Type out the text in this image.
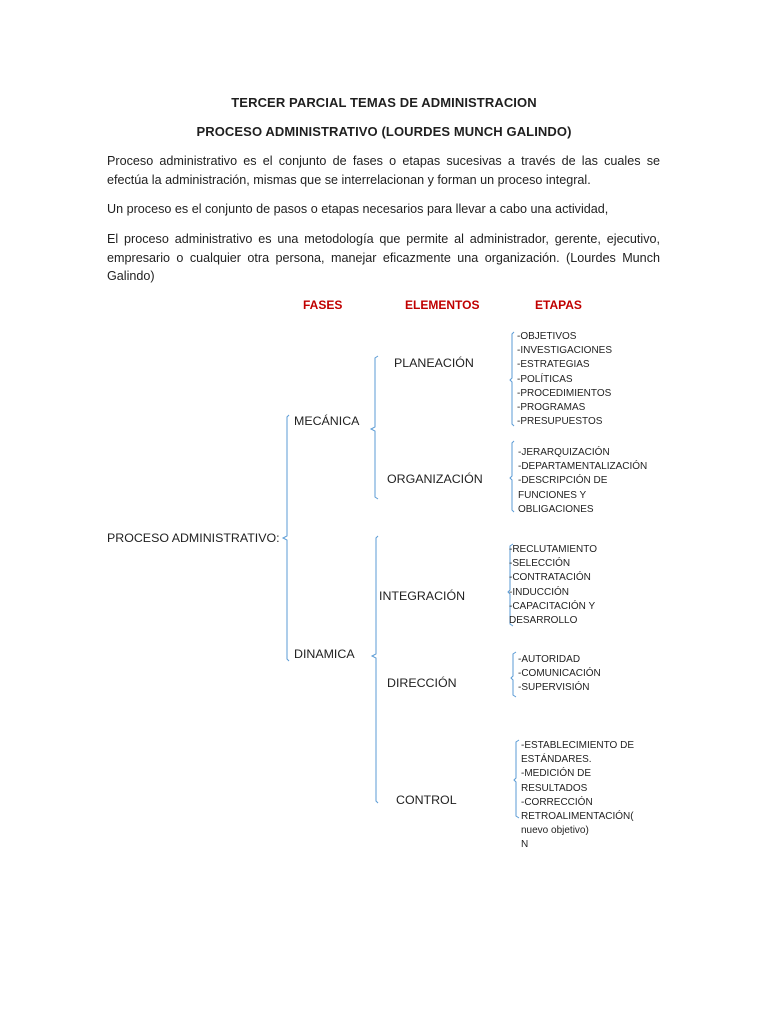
TERCER PARCIAL TEMAS DE ADMINISTRACION
PROCESO ADMINISTRATIVO (LOURDES MUNCH GALINDO)
Proceso administrativo es el conjunto de fases o etapas sucesivas a través de las cuales se efectúa la administración, mismas que se interrelacionan y forman un proceso integral.
Un proceso es el conjunto de pasos o etapas necesarios para llevar a cabo una actividad,
El proceso administrativo es una metodología que permite al administrador, gerente, ejecutivo, empresario o cualquier otra persona, manejar eficazmente una organización. (Lourdes Munch Galindo)
FASES	ELEMENTOS	ETAPAS
PROCESO ADMINISTRATIVO:
MECÁNICA
DINAMICA
PLANEACIÓN
ORGANIZACIÓN
INTEGRACIÓN
DIRECCIÓN
CONTROL
-OBJETIVOS
-INVESTIGACIONES
-ESTRATEGIAS
-POLÍTICAS
-PROCEDIMIENTOS
-PROGRAMAS
-PRESUPUESTOS
-JERARQUIZACIÓN
-DEPARTAMENTALIZACIÓN
-DESCRIPCIÓN DE
FUNCIONES Y
OBLIGACIONES
-RECLUTAMIENTO
-SELECCIÓN
-CONTRATACIÓN
-INDUCCIÓN
-CAPACITACIÓN Y
DESARROLLO
-AUTORIDAD
-COMUNICACIÓN
-SUPERVISIÓN
-ESTABLECIMIENTO DE
ESTÁNDARES.
-MEDICIÓN DE
RESULTADOS
-CORRECCIÓN
RETROALIMENTACIÓN(
nuevo objetivo)
N
